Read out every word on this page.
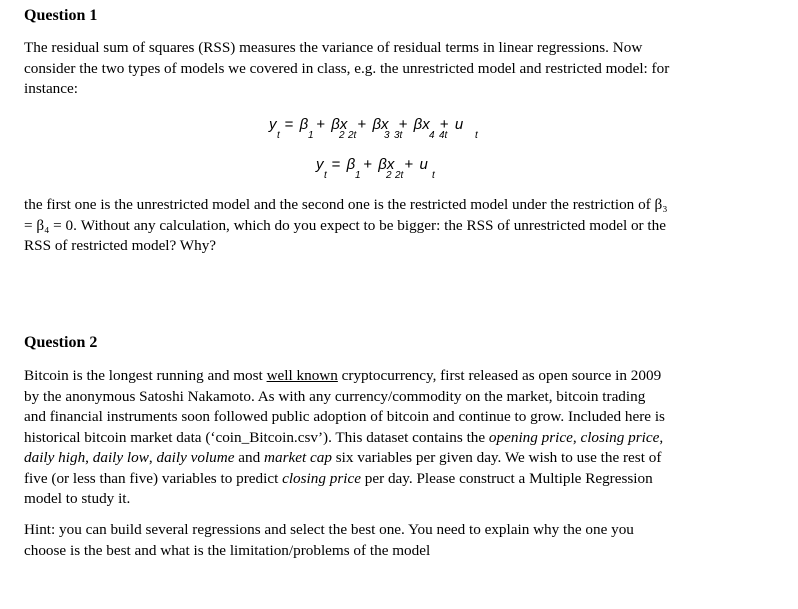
Question 1

The residual sum of squares (RSS) measures the variance of residual terms in linear regressions. Now
consider the two types of models we covered in class, e.g. the unrestricted model and restricted model: for
instance:

y
t
= β
1
+ βx
2 2t
+ βx
3 3t
+ βx
4 4t
+ u
t
y
t
= β
1
+ βx
2 2t
+ u
t

the first one is the unrestricted model and the second one is the restricted model under the restriction of β₃
= β₄ = 0. Without any calculation, which do you expect to be bigger: the RSS of unrestricted model or the
RSS of restricted model? Why?

Question 2

Bitcoin is the longest running and most well known cryptocurrency, first released as open source in 2009
by the anonymous Satoshi Nakamoto. As with any currency/commodity on the market, bitcoin trading
and financial instruments soon followed public adoption of bitcoin and continue to grow. Included here is
historical bitcoin market data (‘coin_Bitcoin.csv’). This dataset contains the opening price, closing price,
daily high, daily low, daily volume and market cap six variables per given day. We wish to use the rest of
five (or less than five) variables to predict closing price per day. Please construct a Multiple Regression
model to study it.

Hint: you can build several regressions and select the best one. You need to explain why the one you
choose is the best and what is the limitation/problems of the model
